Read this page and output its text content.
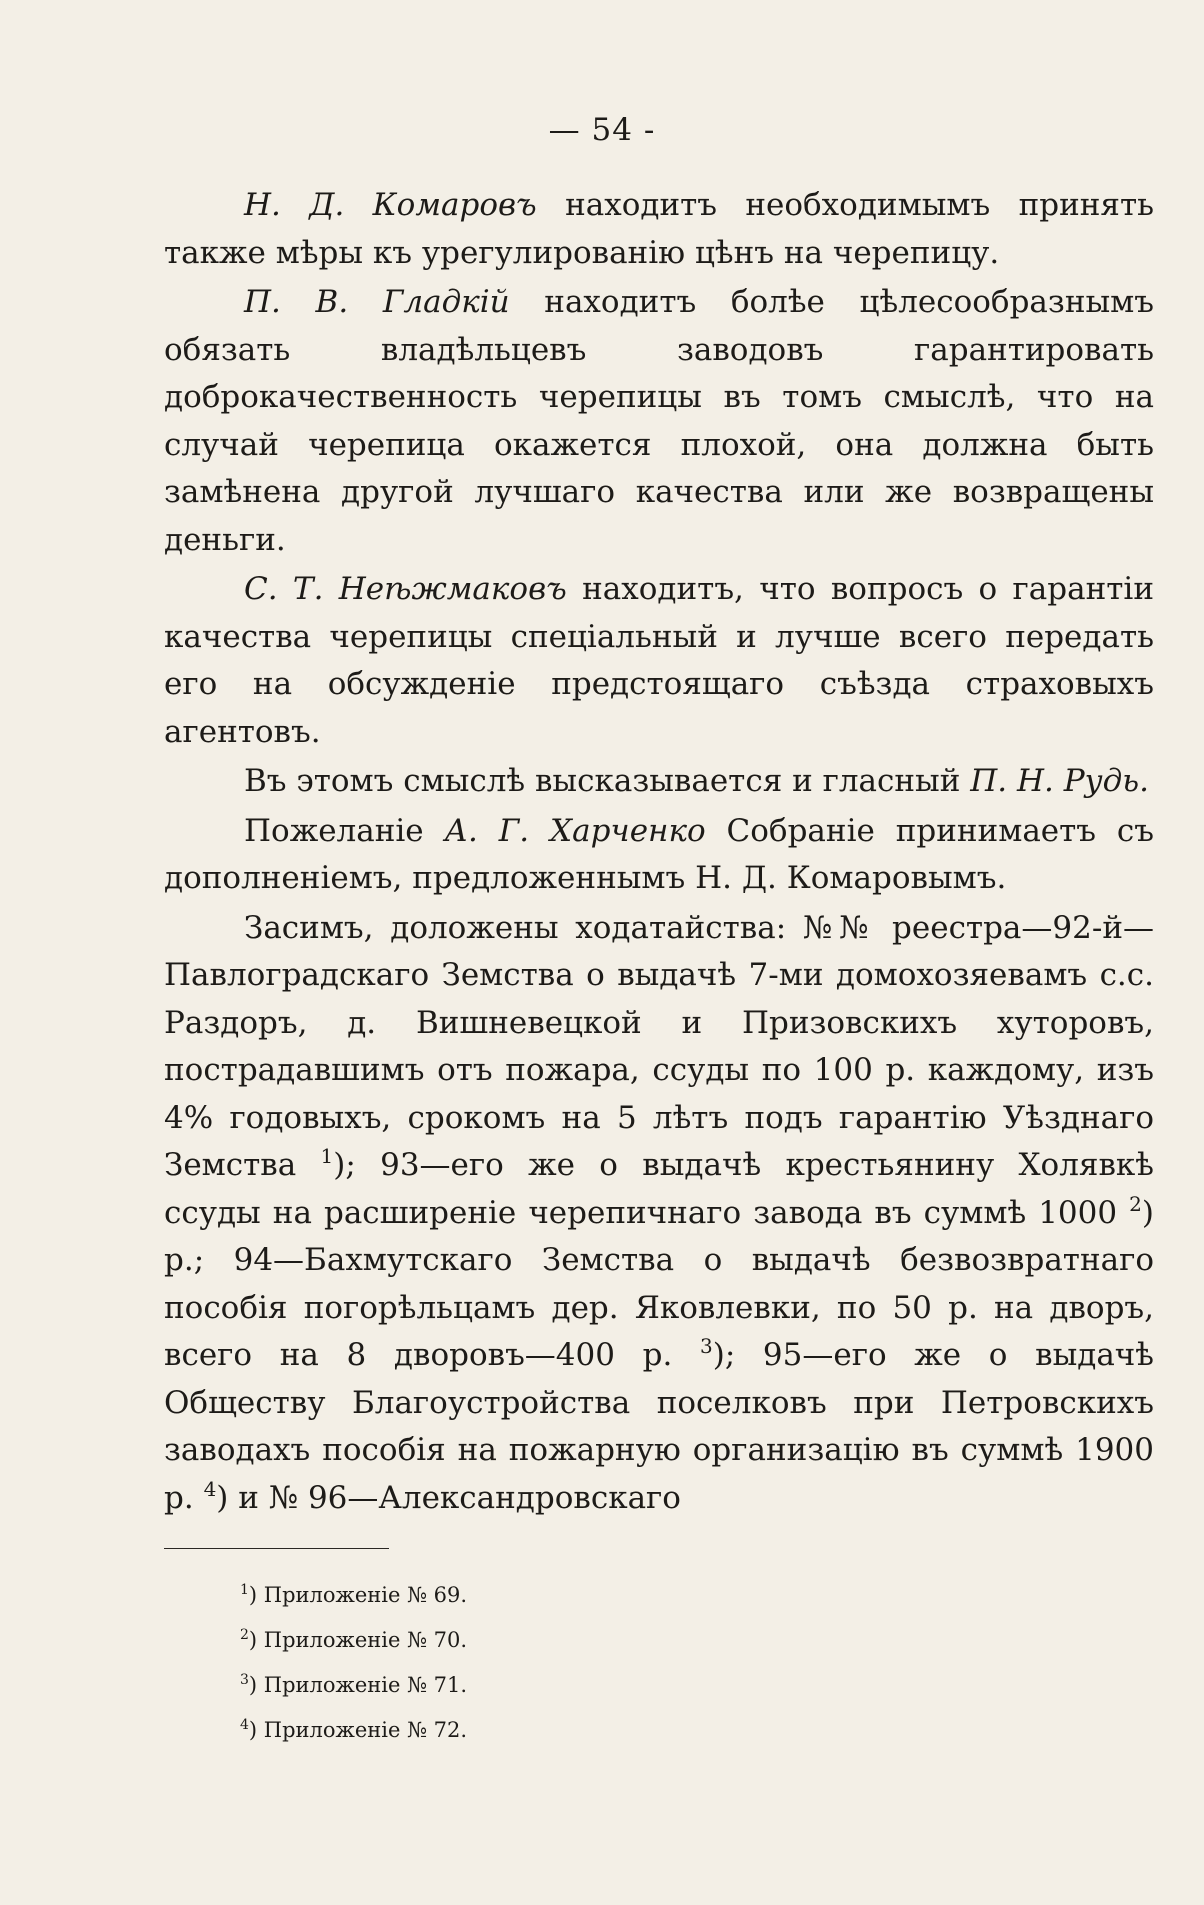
— 54 -

Н. Д. Комаровъ находитъ необходимымъ принять также мѣры къ урегулированію цѣнъ на черепицу.

П. В. Гладкій находитъ болѣе цѣлесообразнымъ обязать владѣльцевъ заводовъ гарантировать доброкачественность черепицы въ томъ смыслѣ, что на случай черепица окажется плохой, она должна быть замѣнена другой лучшаго качества или же возвращены деньги.

С. Т. Неѣжмаковъ находитъ, что вопросъ о гарантіи качества черепицы спеціальный и лучше всего передать его на обсужденіе предстоящаго съѣзда страховыхъ агентовъ.

Въ этомъ смыслѣ высказывается и гласный П. Н. Рудь.

Пожеланіе А. Г. Харченко Собраніе принимаетъ съ дополненіемъ, предложеннымъ Н. Д. Комаровымъ.

Засимъ, доложены ходатайства: №№ реестра—92-й—Павлоградскаго Земства о выдачѣ 7-ми домохозяевамъ с.с. Раздоръ, д. Вишневецкой и Призовскихъ хуторовъ, пострадавшимъ отъ пожара, ссуды по 100 р. каждому, изъ 4% годовыхъ, срокомъ на 5 лѣтъ подъ гарантію Уѣзднаго Земства $^1$); 93—его же о выдачѣ крестьянину Холявкѣ ссуды на расширеніе черепичнаго завода въ суммѣ 1000 $^2$) р.; 94—Бахмутскаго Земства о выдачѣ безвозвратнаго пособія погорѣльцамъ дер. Яковлевки, по 50 р. на дворъ, всего на 8 дворовъ—400 р. $^3$); 95—его же о выдачѣ Обществу Благоустройства поселковъ при Петровскихъ заводахъ пособія на пожарную организацію въ суммѣ 1900 р. $^4$) и № 96—Александровскаго

$^1$) Приложеніе № 69.
$^2$) Приложеніе № 70.
$^3$) Приложеніе № 71.
$^4$) Приложеніе № 72.
